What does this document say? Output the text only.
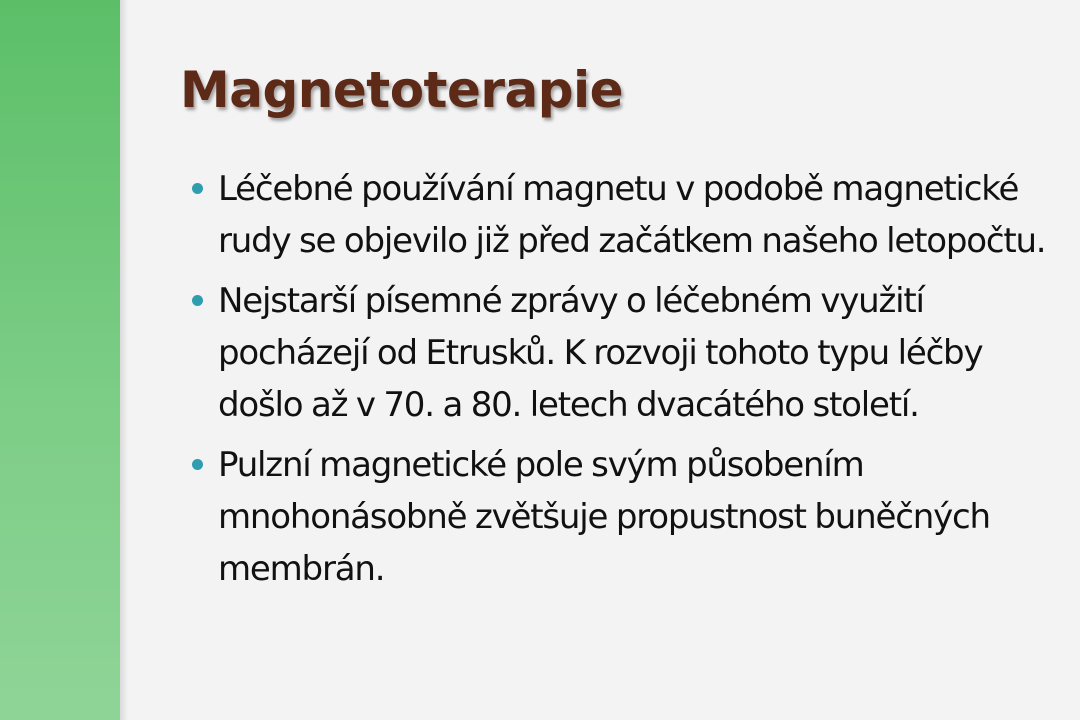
Magnetoterapie
Léčebné používání magnetu v podobě magnetické rudy se objevilo již před začátkem našeho letopočtu.
Nejstarší písemné zprávy o léčebném využití pocházejí od Etrusků. K rozvoji tohoto typu léčby došlo až v 70. a 80. letech dvacátého století.
Pulzní magnetické pole svým působením mnohonásobně zvětšuje propustnost buněčných membrán.
